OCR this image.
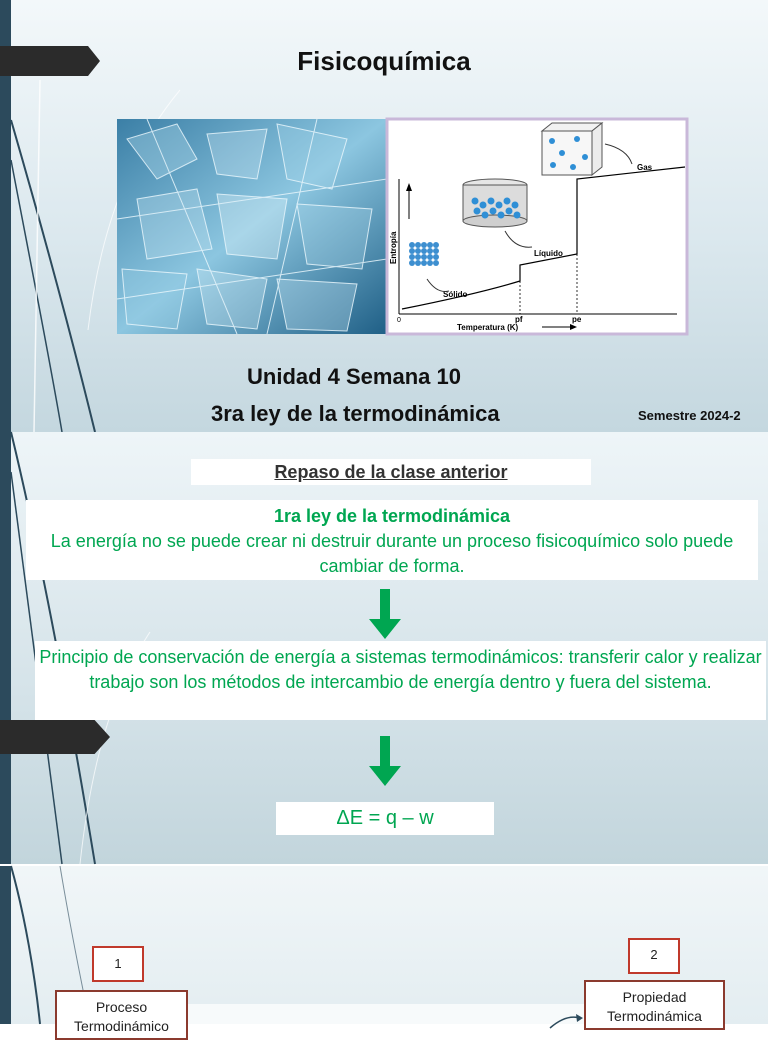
Fisicoquímica
Entropía
Temperatura (K)
0	pf	pe
Sólido
Líquido
Gas
Unidad 4 Semana 10
3ra ley de la termodinámica	Semestre 2024-2
Repaso de la clase anterior
1ra ley de la termodinámica
La energía no se puede crear ni destruir durante un proceso fisicoquímico solo puede cambiar de forma.
Principio de conservación de energía a sistemas termodinámicos: transferir calor y realizar trabajo son los métodos de intercambio de energía dentro y fuera del sistema.
ΔE = q – w
1
2
Proceso Termodinámico
Propiedad Termodinámica
